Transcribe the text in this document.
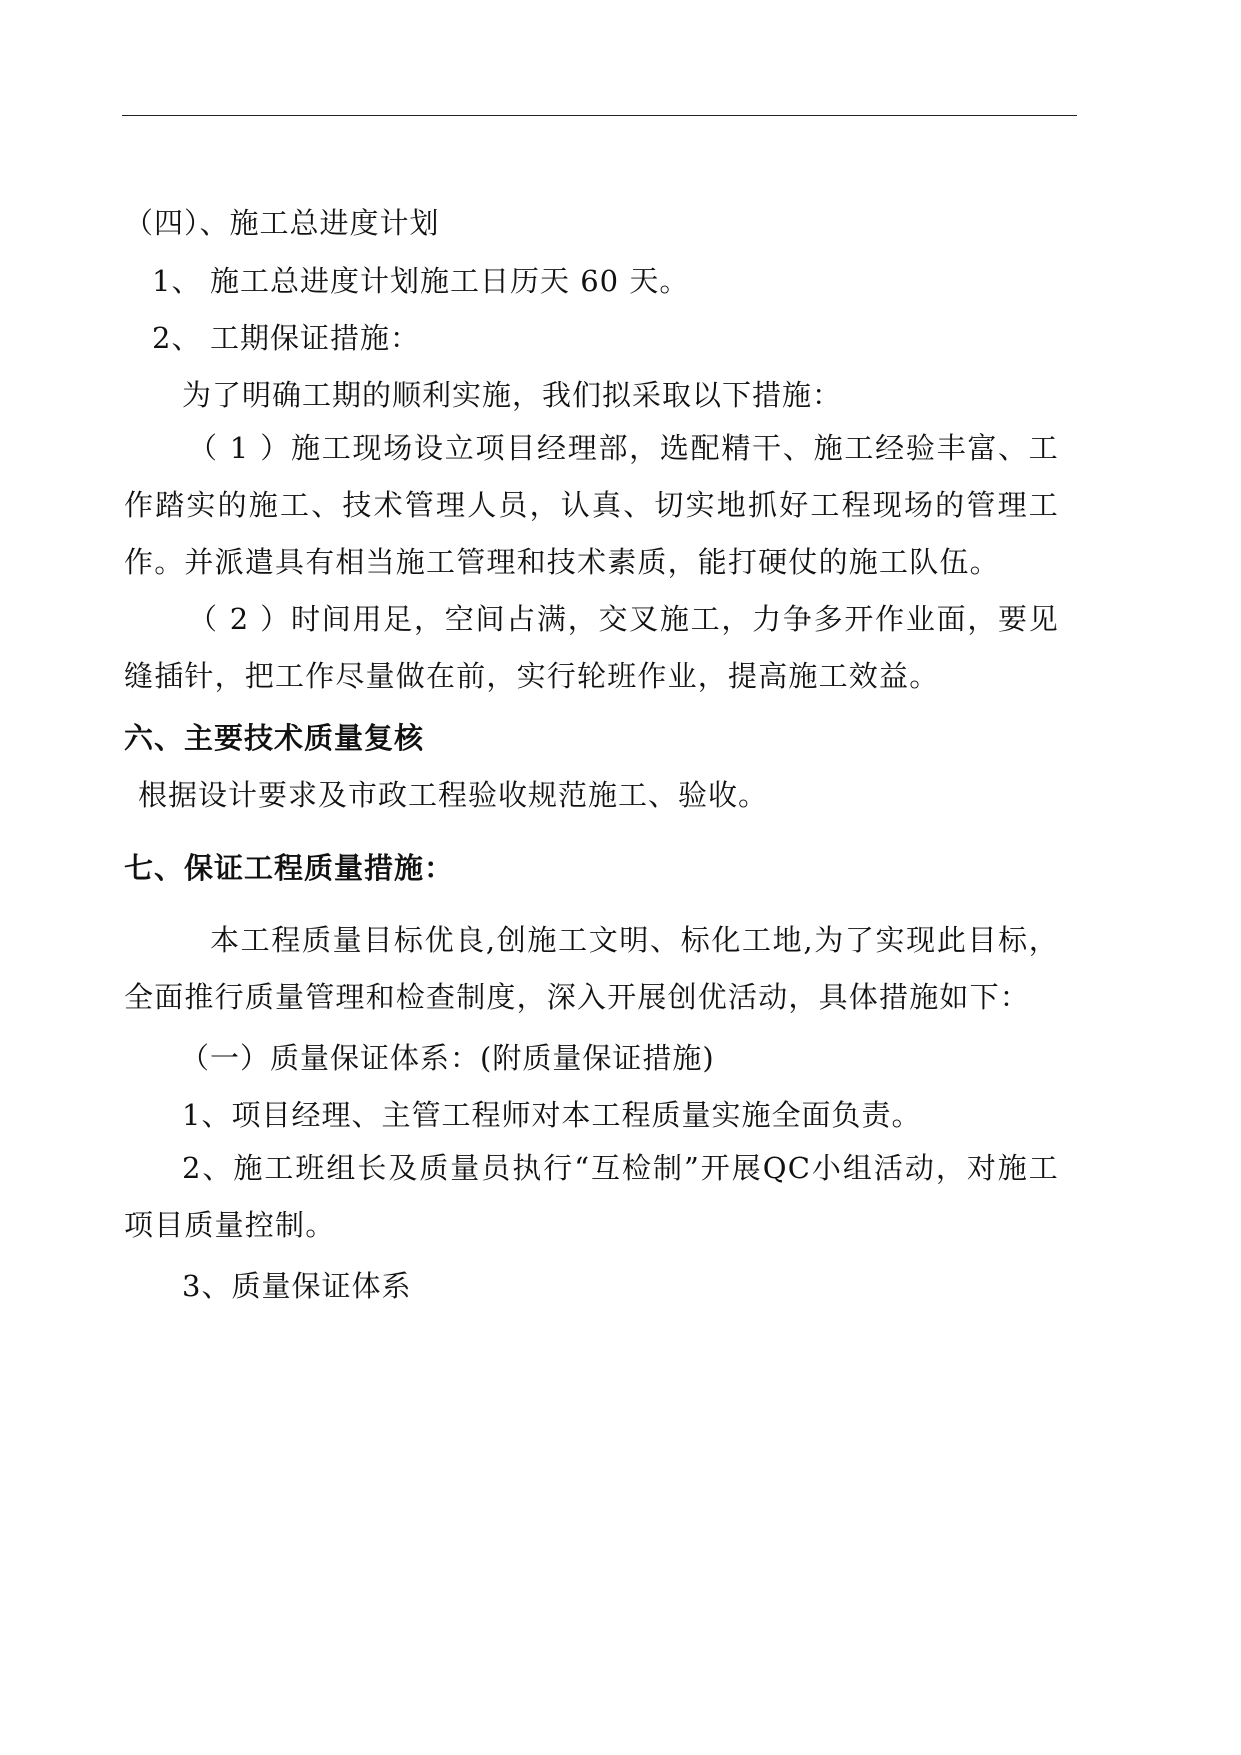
（四）、施工总进度计划
1、 施工总进度计划施工日历天 60 天。
2、 工期保证措施：
为了明确工期的顺利实施，我们拟采取以下措施：
（ 1 ）施工现场设立项目经理部，选配精干、施工经验丰富、工作踏实的施工、技术管理人员，认真、切实地抓好工程现场的管理工作。并派遣具有相当施工管理和技术素质，能打硬仗的施工队伍。
（ 2 ）时间用足，空间占满，交叉施工，力争多开作业面，要见缝插针，把工作尽量做在前，实行轮班作业，提高施工效益。
六、主要技术质量复核
根据设计要求及市政工程验收规范施工、验收。
七、保证工程质量措施：
本工程质量目标优良,创施工文明、标化工地,为了实现此目标，全面推行质量管理和检查制度，深入开展创优活动，具体措施如下：
（一）质量保证体系：(附质量保证措施)
1、项目经理、主管工程师对本工程质量实施全面负责。
2、施工班组长及质量员执行“互检制”开展QC小组活动，对施工项目质量控制。
3、质量保证体系
